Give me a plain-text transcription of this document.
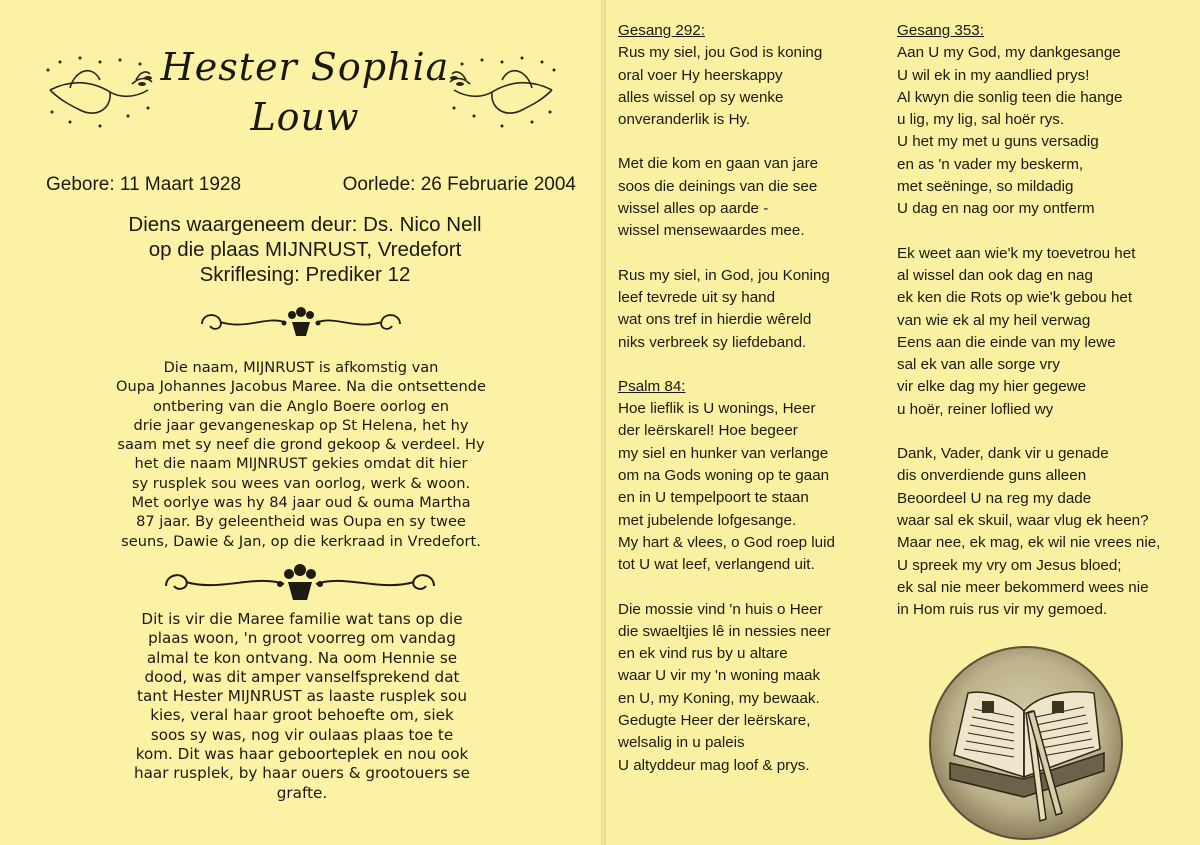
Hester Sophia
Louw
Gebore: 11 Maart 1928	Oorlede: 26 Februarie 2004
Diens waargeneem deur: Ds. Nico Nell
op die plaas MIJNRUST, Vredefort
Skriflesing: Prediker 12
Die naam, MIJNRUST is afkomstig van
Oupa Johannes Jacobus Maree. Na die ontsettende
ontbering van die Anglo Boere oorlog en
drie jaar gevangeneskap op St Helena, het hy
saam met sy neef die grond gekoop & verdeel. Hy
het die naam MIJNRUST gekies omdat dit hier
sy rusplek sou wees van oorlog, werk & woon.
Met oorlye was hy 84 jaar oud & ouma Martha
87 jaar. By geleentheid was Oupa en sy twee
seuns, Dawie & Jan, op die kerkraad in Vredefort.
Dit is vir die Maree familie wat tans op die
plaas woon, 'n groot voorreg om vandag
almal te kon ontvang. Na oom Hennie se
dood, was dit amper vanselfsprekend dat
tant Hester MIJNRUST as laaste rusplek sou
kies, veral haar groot behoefte om, siek
soos sy was, nog vir oulaas plaas toe te
kom. Dit was haar geboorteplek en nou ook
haar rusplek, by haar ouers & grootouers se
grafte.
Gesang 292:
Rus my siel, jou God is koning
oral voer Hy heerskappy
alles wissel op sy wenke
onveranderlik is Hy.
Met die kom en gaan van jare
soos die deinings van die see
wissel alles op aarde -
wissel mensewaardes mee.
Rus my siel, in God, jou Koning
leef tevrede uit sy hand
wat ons tref in hierdie wêreld
niks verbreek sy liefdeband.
Psalm 84:
Hoe lieflik is U wonings, Heer
der leërskarel! Hoe begeer
my siel en hunker van verlange
om na Gods woning op te gaan
en in U tempelpoort te staan
met jubelende lofgesange.
My hart & vlees, o God roep luid
tot U wat leef, verlangend uit.
Die mossie vind 'n huis o Heer
die swaeltjies lê in nessies neer
en ek vind rus by u altare
waar U vir my 'n woning maak
en U, my Koning, my bewaak.
Gedugte Heer der leërskare,
welsalig in u paleis
U altyddeur mag loof & prys.
Gesang 353:
Aan U my God, my dankgesange
U wil ek in my aandlied prys!
Al kwyn die sonlig teen die hange
u lig, my lig, sal hoër rys.
U het my met u guns versadig
en as 'n vader my beskerm,
met seëninge, so mildadig
U dag en nag oor my ontferm
Ek weet aan wie'k my toevetrou het
al wissel dan ook dag en nag
ek ken die Rots op wie'k gebou het
van wie ek al my heil verwag
Eens aan die einde van my lewe
sal ek van alle sorge vry
vir elke dag my hier gegewe
u hoër, reiner loflied wy
Dank, Vader, dank vir u genade
dis onverdiende guns alleen
Beoordeel U na reg my dade
waar sal ek skuil, waar vlug ek heen?
Maar nee, ek mag, ek wil nie vrees nie,
U spreek my vry om Jesus bloed;
ek sal nie meer bekommerd wees nie
in Hom ruis rus vir my gemoed.
